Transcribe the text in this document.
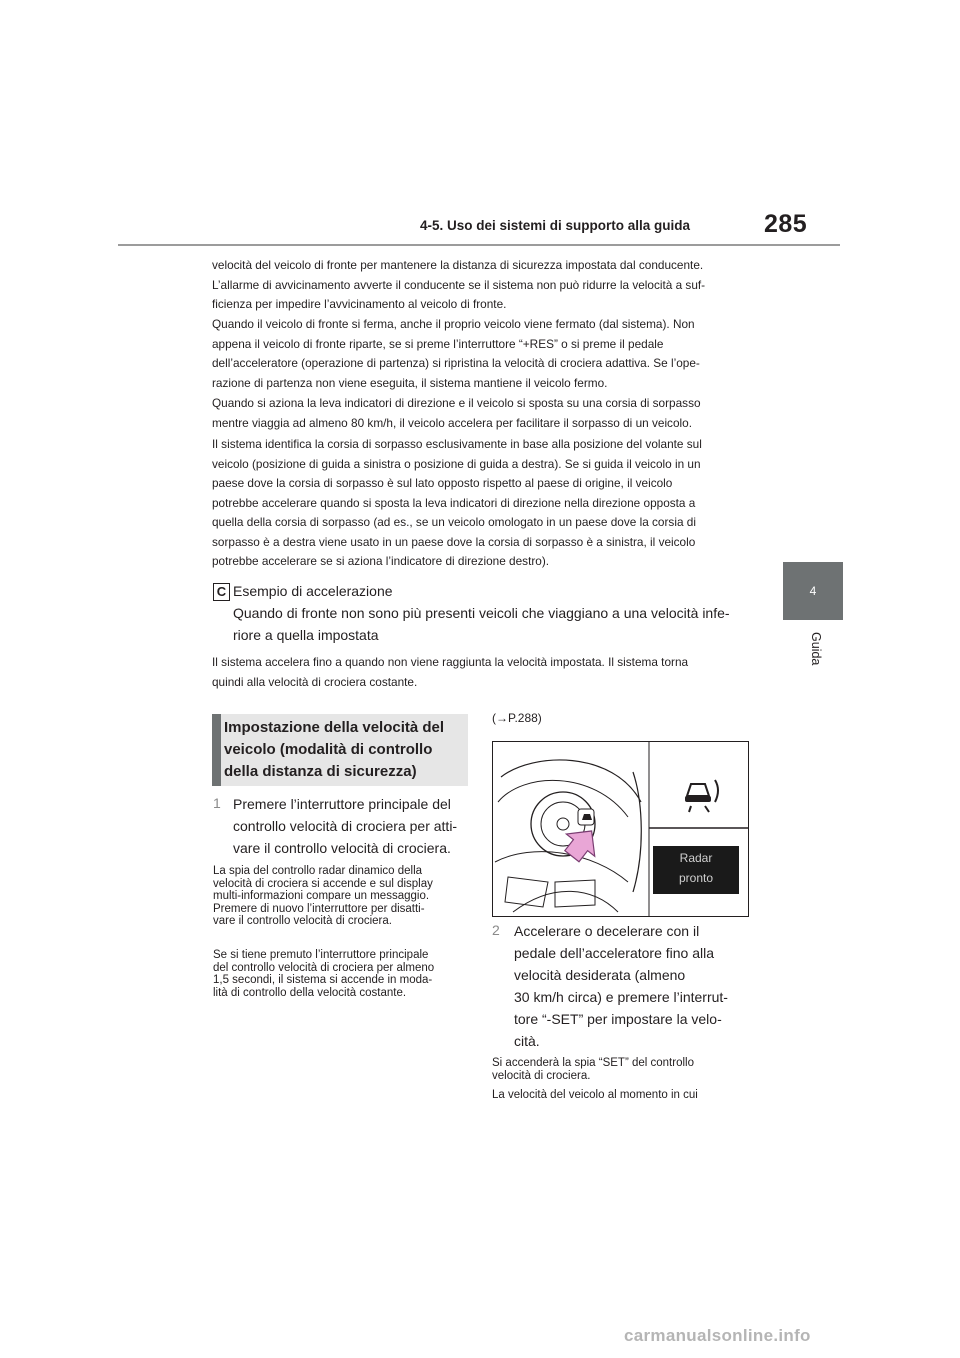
4-5. Uso dei sistemi di supporto alla guida	285
4
Guida
velocità del veicolo di fronte per mantenere la distanza di sicurezza impostata dal conducente.
L’allarme di avvicinamento avverte il conducente se il sistema non può ridurre la velocità a suf-
ficienza per impedire l’avvicinamento al veicolo di fronte.
Quando il veicolo di fronte si ferma, anche il proprio veicolo viene fermato (dal sistema). Non
appena il veicolo di fronte riparte, se si preme l’interruttore “+RES” o si preme il pedale
dell’acceleratore (operazione di partenza) si ripristina la velocità di crociera adattiva. Se l’ope-
razione di partenza non viene eseguita, il sistema mantiene il veicolo fermo.
Quando si aziona la leva indicatori di direzione e il veicolo si sposta su una corsia di sorpasso
mentre viaggia ad almeno 80 km/h, il veicolo accelera per facilitare il sorpasso di un veicolo.
Il sistema identifica la corsia di sorpasso esclusivamente in base alla posizione del volante sul
veicolo (posizione di guida a sinistra o posizione di guida a destra). Se si guida il veicolo in un
paese dove la corsia di sorpasso è sul lato opposto rispetto al paese di origine, il veicolo
potrebbe accelerare quando si sposta la leva indicatori di direzione nella direzione opposta a
quella della corsia di sorpasso (ad es., se un veicolo omologato in un paese dove la corsia di
sorpasso è a destra viene usato in un paese dove la corsia di sorpasso è a sinistra, il veicolo
potrebbe accelerare se si aziona l’indicatore di direzione destro).
C Esempio di accelerazione
Quando di fronte non sono più presenti veicoli che viaggiano a una velocità infe-
riore a quella impostata
Il sistema accelera fino a quando non viene raggiunta la velocità impostata. Il sistema torna
quindi alla velocità di crociera costante.
Impostazione della velocità del
veicolo (modalità di controllo
della distanza di sicurezza)
1 Premere l’interruttore principale del
controllo velocità di crociera per atti-
vare il controllo velocità di crociera.
La spia del controllo radar dinamico della
velocità di crociera si accende e sul display
multi-informazioni compare un messaggio.
Premere di nuovo l’interruttore per disatti-
vare il controllo velocità di crociera.
Se si tiene premuto l’interruttore principale
del controllo velocità di crociera per almeno
1,5 secondi, il sistema si accende in moda-
lità di controllo della velocità costante.
(→P.288)
Radar
pronto
2 Accelerare o decelerare con il
pedale dell’acceleratore fino alla
velocità desiderata (almeno
30 km/h circa) e premere l’interrut-
tore “-SET” per impostare la velo-
cità.
Si accenderà la spia “SET” del controllo
velocità di crociera.
La velocità del veicolo al momento in cui
carmanualsonline.info
